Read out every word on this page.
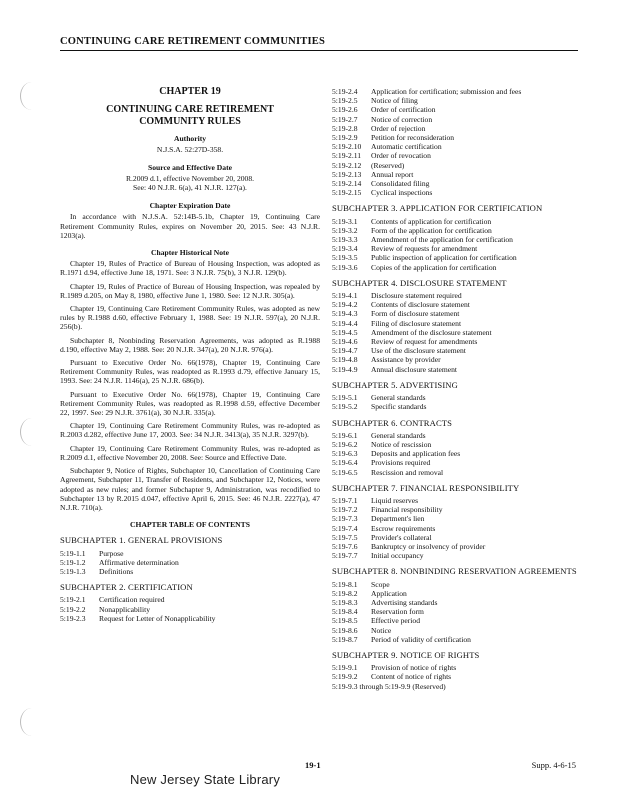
CONTINUING CARE RETIREMENT COMMUNITIES
CHAPTER 19
CONTINUING CARE RETIREMENT COMMUNITY RULES
Authority
N.J.S.A. 52:27D-358.
Source and Effective Date
R.2009 d.1, effective November 20, 2008.
See: 40 N.J.R. 6(a), 41 N.J.R. 127(a).
Chapter Expiration Date
In accordance with N.J.S.A. 52:14B-5.1b, Chapter 19, Continuing Care Retirement Community Rules, expires on November 20, 2015. See: 43 N.J.R. 1203(a).
Chapter Historical Note
Chapter 19, Rules of Practice of Bureau of Housing Inspection, was adopted as R.1971 d.94, effective June 18, 1971. See: 3 N.J.R. 75(b), 3 N.J.R. 129(b).
Chapter 19, Rules of Practice of Bureau of Housing Inspection, was repealed by R.1989 d.205, on May 8, 1980, effective June 1, 1980. See: 12 N.J.R. 305(a).
Chapter 19, Continuing Care Retirement Community Rules, was adopted as new rules by R.1988 d.60, effective February 1, 1988. See: 19 N.J.R. 597(a), 20 N.J.R. 256(b).
Subchapter 8, Nonbinding Reservation Agreements, was adopted as R.1988 d.190, effective May 2, 1988. See: 20 N.J.R. 347(a), 20 N.J.R. 976(a).
Pursuant to Executive Order No. 66(1978), Chapter 19, Continuing Care Retirement Community Rules, was readopted as R.1993 d.79, effective January 15, 1993. See: 24 N.J.R. 1146(a), 25 N.J.R. 686(b).
Pursuant to Executive Order No. 66(1978), Chapter 19, Continuing Care Retirement Community Rules, was readopted as R.1998 d.59, effective December 22, 1997. See: 29 N.J.R. 3761(a), 30 N.J.R. 335(a).
Chapter 19, Continuing Care Retirement Community Rules, was re-adopted as R.2003 d.282, effective June 17, 2003. See: 34 N.J.R. 3413(a), 35 N.J.R. 3297(b).
Chapter 19, Continuing Care Retirement Community Rules, was re-adopted as R.2009 d.1, effective November 20, 2008. See: Source and Effective Date.
Subchapter 9, Notice of Rights, Subchapter 10, Cancellation of Continuing Care Agreement, Subchapter 11, Transfer of Residents, and Subchapter 12, Notices, were adopted as new rules; and former Subchapter 9, Administration, was recodified to Subchapter 13 by R.2015 d.047, effective April 6, 2015. See: 46 N.J.R. 2227(a), 47 N.J.R. 710(a).
CHAPTER TABLE OF CONTENTS
SUBCHAPTER 1. GENERAL PROVISIONS
5:19-1.1	Purpose
5:19-1.2	Affirmative determination
5:19-1.3	Definitions
SUBCHAPTER 2. CERTIFICATION
5:19-2.1	Certification required
5:19-2.2	Nonapplicability
5:19-2.3	Request for Letter of Nonapplicability
5:19-2.4	Application for certification; submission and fees
5:19-2.5	Notice of filing
5:19-2.6	Order of certification
5:19-2.7	Notice of correction
5:19-2.8	Order of rejection
5:19-2.9	Petition for reconsideration
5:19-2.10	Automatic certification
5:19-2.11	Order of revocation
5:19-2.12	(Reserved)
5:19-2.13	Annual report
5:19-2.14	Consolidated filing
5:19-2.15	Cyclical inspections
SUBCHAPTER 3. APPLICATION FOR CERTIFICATION
5:19-3.1	Contents of application for certification
5:19-3.2	Form of the application for certification
5:19-3.3	Amendment of the application for certification
5:19-3.4	Review of requests for amendment
5:19-3.5	Public inspection of application for certification
5:19-3.6	Copies of the application for certification
SUBCHAPTER 4. DISCLOSURE STATEMENT
5:19-4.1	Disclosure statement required
5:19-4.2	Contents of disclosure statement
5:19-4.3	Form of disclosure statement
5:19-4.4	Filing of disclosure statement
5:19-4.5	Amendment of the disclosure statement
5:19-4.6	Review of request for amendments
5:19-4.7	Use of the disclosure statement
5:19-4.8	Assistance by provider
5:19-4.9	Annual disclosure statement
SUBCHAPTER 5. ADVERTISING
5:19-5.1	General standards
5:19-5.2	Specific standards
SUBCHAPTER 6. CONTRACTS
5:19-6.1	General standards
5:19-6.2	Notice of rescission
5:19-6.3	Deposits and application fees
5:19-6.4	Provisions required
5:19-6.5	Rescission and removal
SUBCHAPTER 7. FINANCIAL RESPONSIBILITY
5:19-7.1	Liquid reserves
5:19-7.2	Financial responsibility
5:19-7.3	Department's lien
5:19-7.4	Escrow requirements
5:19-7.5	Provider's collateral
5:19-7.6	Bankruptcy or insolvency of provider
5:19-7.7	Initial occupancy
SUBCHAPTER 8. NONBINDING RESERVATION AGREEMENTS
5:19-8.1	Scope
5:19-8.2	Application
5:19-8.3	Advertising standards
5:19-8.4	Reservation form
5:19-8.5	Effective period
5:19-8.6	Notice
5:19-8.7	Period of validity of certification
SUBCHAPTER 9. NOTICE OF RIGHTS
5:19-9.1	Provision of notice of rights
5:19-9.2	Content of notice of rights
5:19-9.3 through 5:19-9.9 (Reserved)
19-1	Supp. 4-6-15
New Jersey State Library
